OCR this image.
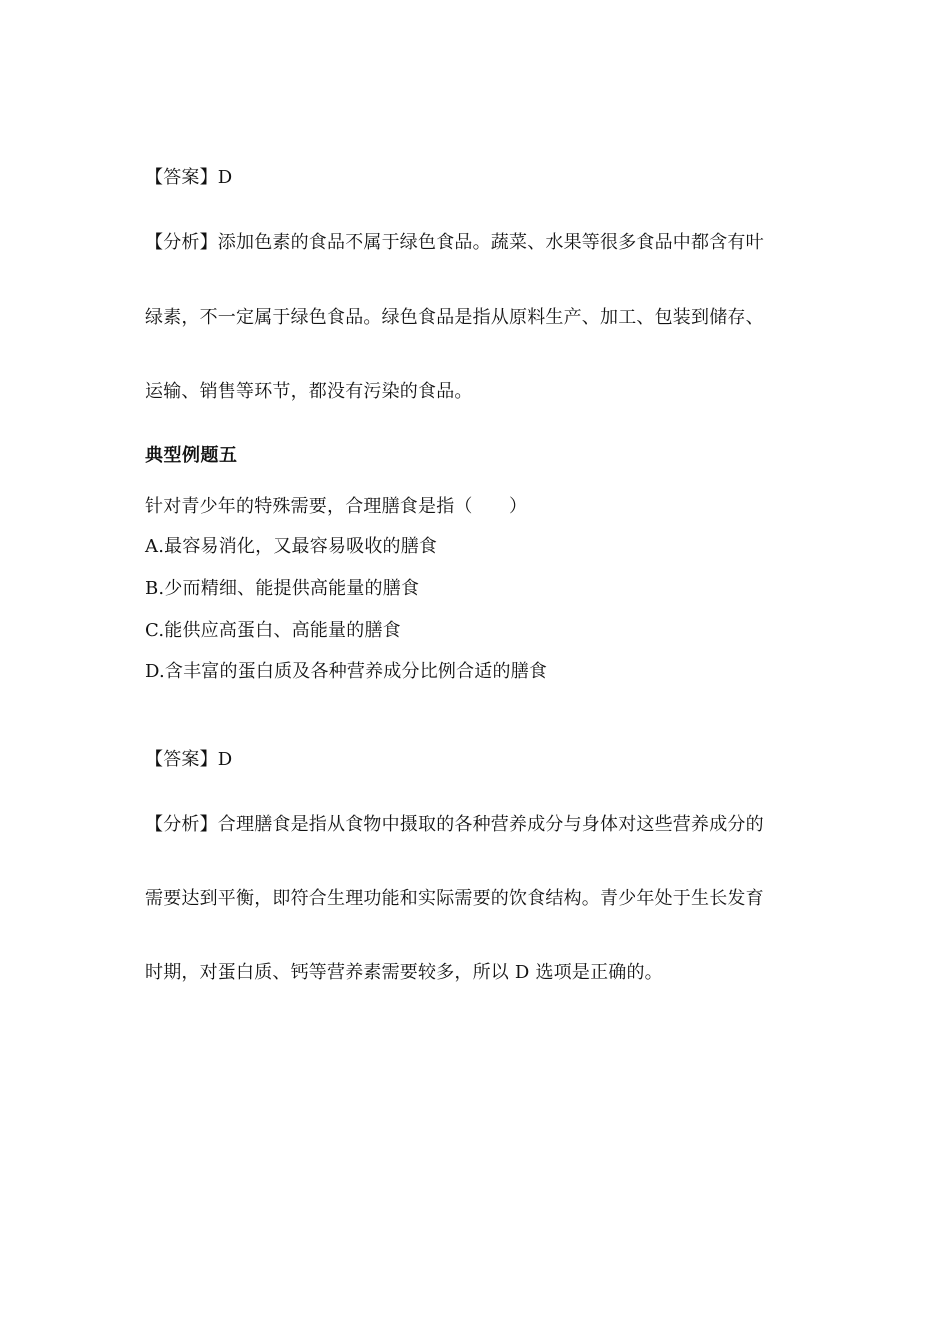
【答案】D
【分析】添加色素的食品不属于绿色食品。蔬菜、水果等很多食品中都含有叶
绿素，不一定属于绿色食品。绿色食品是指从原料生产、加工、包装到储存、
运输、销售等环节，都没有污染的食品。
典型例题五
针对青少年的特殊需要，合理膳食是指（　　）
A.最容易消化，又最容易吸收的膳食
B.少而精细、能提供高能量的膳食
C.能供应高蛋白、高能量的膳食
D.含丰富的蛋白质及各种营养成分比例合适的膳食
【答案】D
【分析】合理膳食是指从食物中摄取的各种营养成分与身体对这些营养成分的
需要达到平衡，即符合生理功能和实际需要的饮食结构。青少年处于生长发育
时期，对蛋白质、钙等营养素需要较多，所以 D 选项是正确的。
